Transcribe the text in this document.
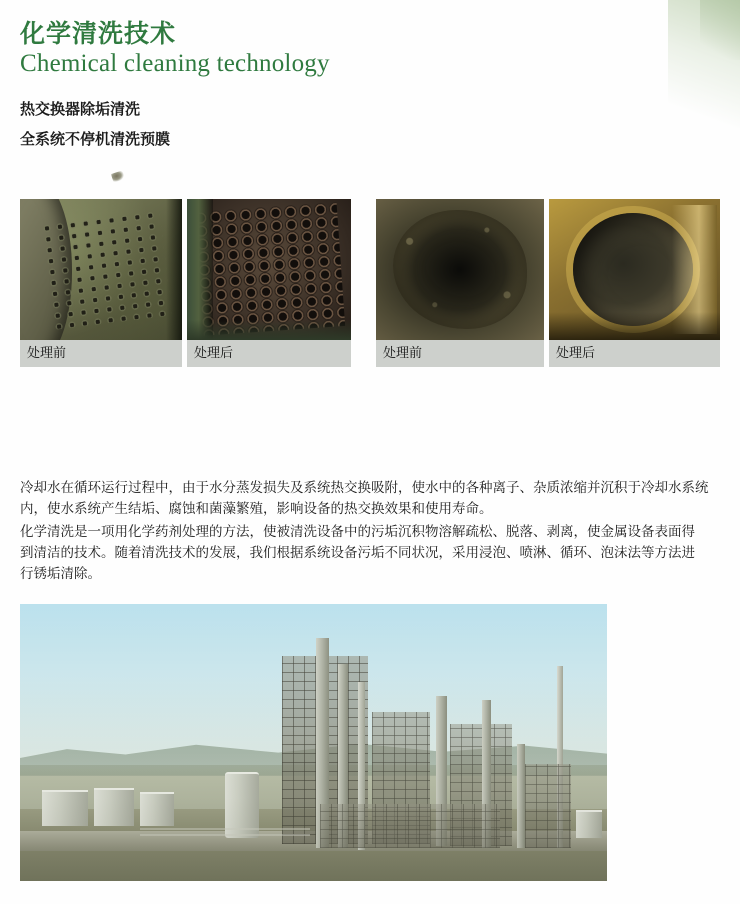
化学清洗技术
Chemical cleaning technology
热交换器除垢清洗
全系统不停机清洗预膜
处理前	处理后	处理前	处理后
冷却水在循环运行过程中，由于水分蒸发损失及系统热交换吸附，使水中的各种离子、杂质浓缩并沉积于冷却水系统内，使水系统产生结垢、腐蚀和菌藻繁殖，影响设备的热交换效果和使用寿命。
化学清洗是一项用化学药剂处理的方法，使被清洗设备中的污垢沉积物溶解疏松、脱落、剥离，使金属设备表面得到清洁的技术。随着清洗技术的发展，我们根据系统设备污垢不同状况，采用浸泡、喷淋、循环、泡沫法等方法进行锈垢清除。
